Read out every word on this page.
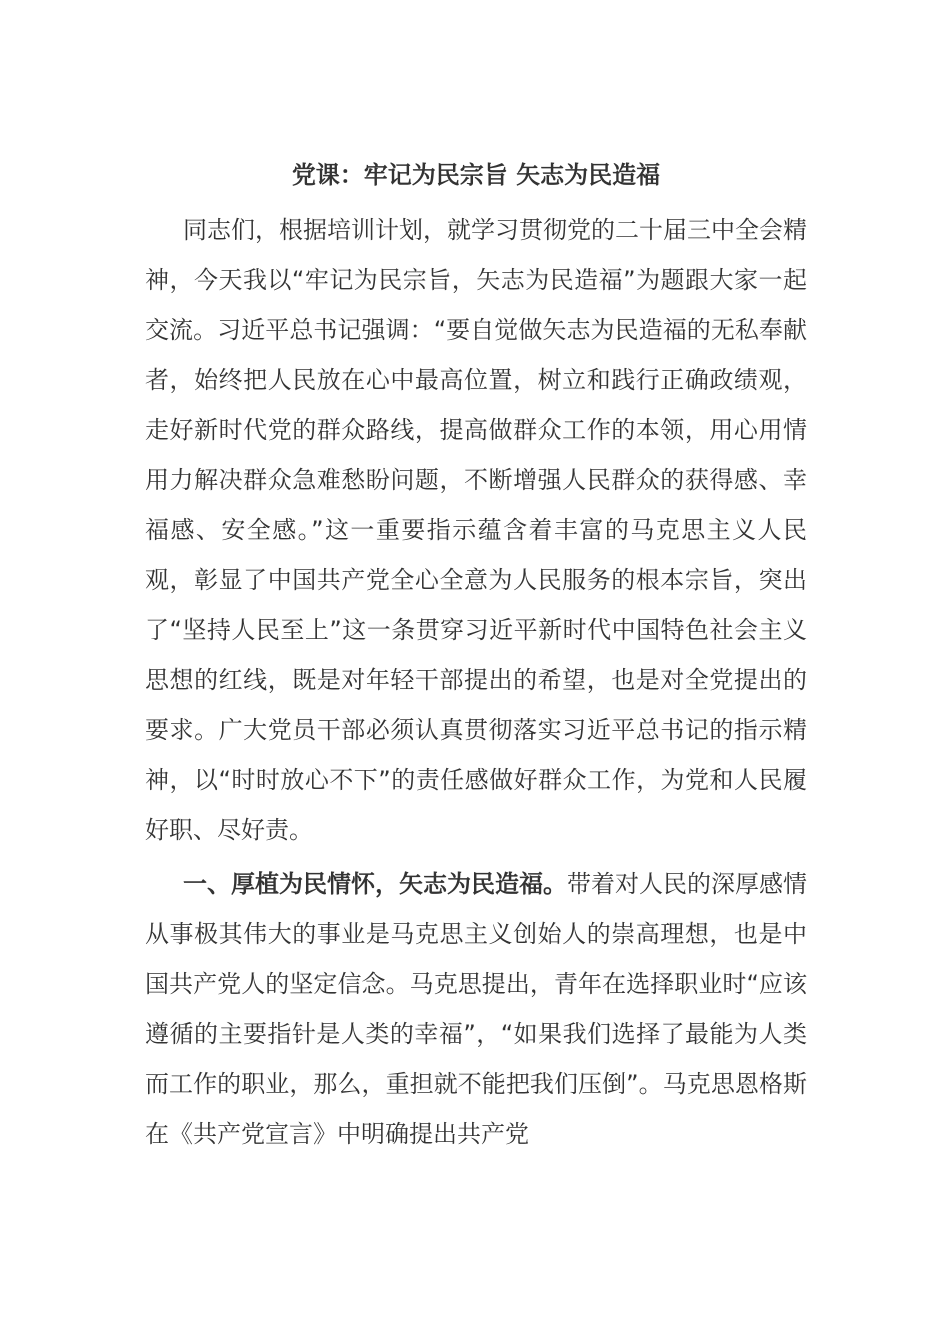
党课：牢记为民宗旨 矢志为民造福

同志们，根据培训计划，就学习贯彻党的二十届三中全会精神，今天我以“牢记为民宗旨，矢志为民造福”为题跟大家一起交流。习近平总书记强调：“要自觉做矢志为民造福的无私奉献者，始终把人民放在心中最高位置，树立和践行正确政绩观，走好新时代党的群众路线，提高做群众工作的本领，用心用情用力解决群众急难愁盼问题，不断增强人民群众的获得感、幸福感、安全感。”这一重要指示蕴含着丰富的马克思主义人民观，彰显了中国共产党全心全意为人民服务的根本宗旨，突出了“坚持人民至上”这一条贯穿习近平新时代中国特色社会主义思想的红线，既是对年轻干部提出的希望，也是对全党提出的要求。广大党员干部必须认真贯彻落实习近平总书记的指示精神，以“时时放心不下”的责任感做好群众工作，为党和人民履好职、尽好责。

一、厚植为民情怀，矢志为民造福。带着对人民的深厚感情从事极其伟大的事业是马克思主义创始人的崇高理想，也是中国共产党人的坚定信念。马克思提出，青年在选择职业时“应该遵循的主要指针是人类的幸福”，“如果我们选择了最能为人类而工作的职业，那么，重担就不能把我们压倒”。马克思恩格斯在《共产党宣言》中明确提出共产党
